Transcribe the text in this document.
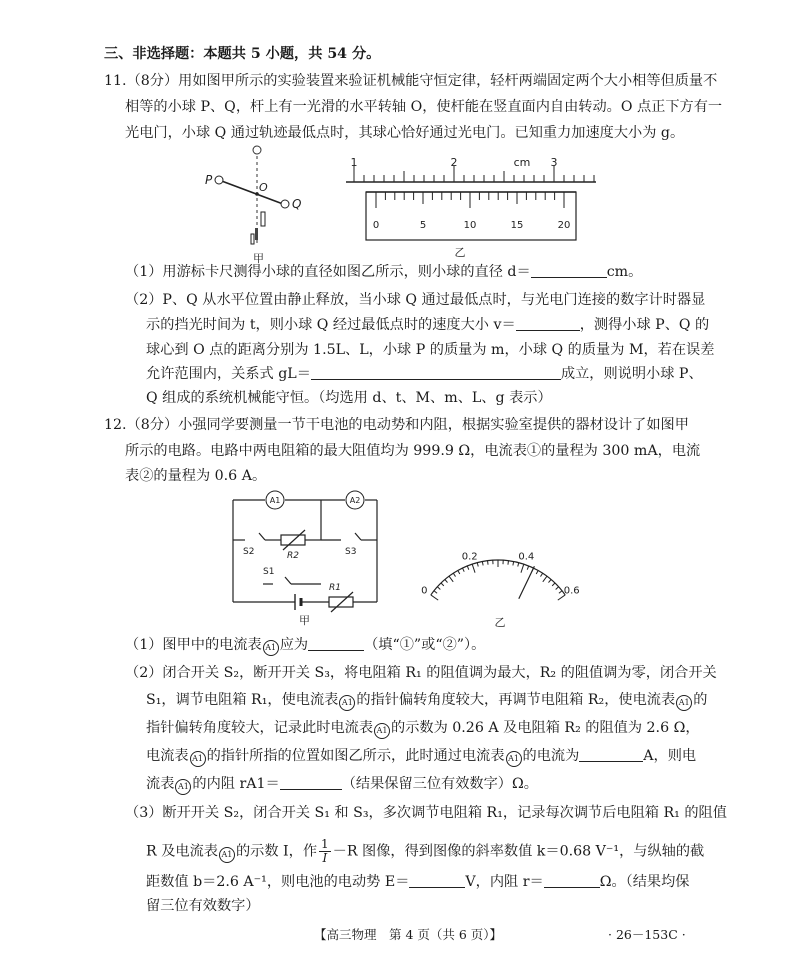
三、非选择题：本题共 5 小题，共 54 分。
11.（8分）用如图甲所示的实验装置来验证机械能守恒定律，轻杆两端固定两个大小相等但质量不
相等的小球 P、Q，杆上有一光滑的水平转轴 O，使杆能在竖直面内自由转动。O 点正下方有一
光电门，小球 Q 通过轨迹最低点时，其球心恰好通过光电门。已知重力加速度大小为 g。
P
O
Q
甲
1	2	cm 3
0	5	10	15	20
乙
（1）用游标卡尺测得小球的直径如图乙所示，则小球的直径 d＝	cm。
（2）P、Q 从水平位置由静止释放，当小球 Q 通过最低点时，与光电门连接的数字计时器显
示的挡光时间为 t，则小球 Q 经过最低点时的速度大小 v＝	，测得小球 P、Q 的
球心到 O 点的距离分别为 1.5L、L，小球 P 的质量为 m，小球 Q 的质量为 M，若在误差
允许范围内，关系式 gL＝	成立，则说明小球 P、
Q 组成的系统机械能守恒。（均选用 d、t、M、m、L、g 表示）
12.（8分）小强同学要测量一节干电池的电动势和内阻，根据实验室提供的器材设计了如图甲
所示的电路。电路中两电阻箱的最大阻值均为 999.9 Ω，电流表①的量程为 300 mA，电流
表②的量程为 0.6 A。
A1	A2
S2	R2	S3
S1
R1
甲
0
0.2	0.4
0.6
乙
（1）图甲中的电流表 A1 应为	（填“①”或“②”）。
（2）闭合开关 S₂，断开开关 S₃，将电阻箱 R₁ 的阻值调为最大，R₂ 的阻值调为零，闭合开关
S₁，调节电阻箱 R₁，使电流表 A1 的指针偏转角度较大，再调节电阻箱 R₂，使电流表 A1 的
指针偏转角度较大，记录此时电流表 A1 的示数为 0.26 A 及电阻箱 R₂ 的阻值为 2.6 Ω，
电流表 A1 的指针所指的位置如图乙所示，此时通过电流表 A1 的电流为	A，则电
流表 A1 的内阻 rA1＝	（结果保留三位有效数字）Ω。
（3）断开开关 S₂，闭合开关 S₁ 和 S₃，多次调节电阻箱 R₁，记录每次调节后电阻箱 R₁ 的阻值
R 及电流表 A1 的示数 I，作 $\frac{1}{I} -R$ 图像，得到图像的斜率数值 k＝0.68 V⁻¹，与纵轴的截
距数值 b＝2.6 A⁻¹，则电池的电动势 E＝	V，内阻 r＝	Ω。（结果均保
留三位有效数字）
【高三物理　第 4 页（共 6 页）】	· 26－153C ·
